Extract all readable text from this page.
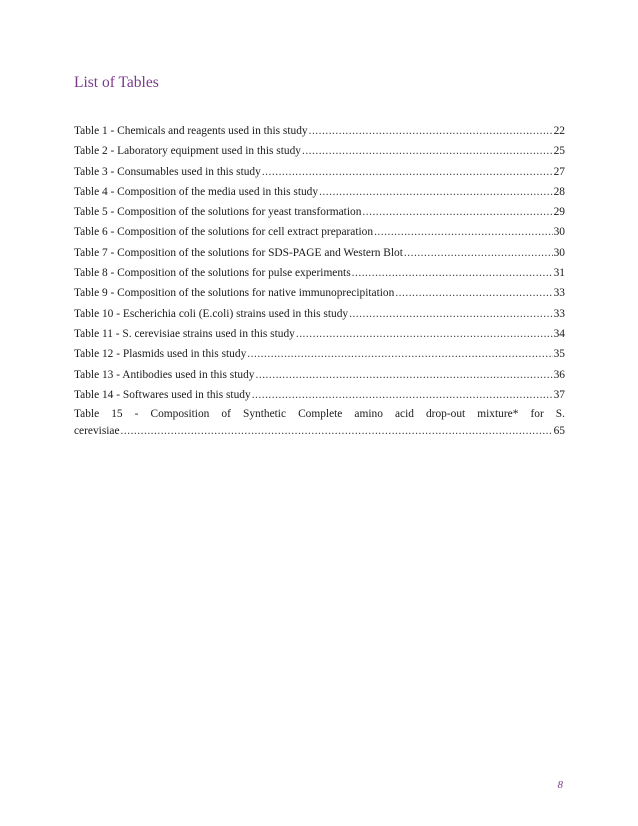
List of Tables
Table 1 - Chemicals and reagents used in this study .....	22
Table 2 - Laboratory equipment used in this study .....	25
Table 3 - Consumables used in this study .....	27
Table 4 - Composition of the media used in this study .....	28
Table 5 - Composition of the solutions for yeast transformation .....	29
Table 6 - Composition of the solutions for cell extract preparation .....	30
Table 7 - Composition of the solutions for SDS-PAGE and Western Blot .....	30
Table 8 - Composition of the solutions for pulse experiments .....	31
Table 9 - Composition of the solutions for native immunoprecipitation .....	33
Table 10 - Escherichia coli (E.coli) strains used in this study .....	33
Table 11 - S. cerevisiae strains used in this study .....	34
Table 12 - Plasmids used in this study .....	35
Table 13 - Antibodies used in this study .....	36
Table 14 - Softwares used in this study .....	37
Table 15 - Composition of Synthetic Complete amino acid drop-out mixture* for S.
cerevisiae .....	65

8
